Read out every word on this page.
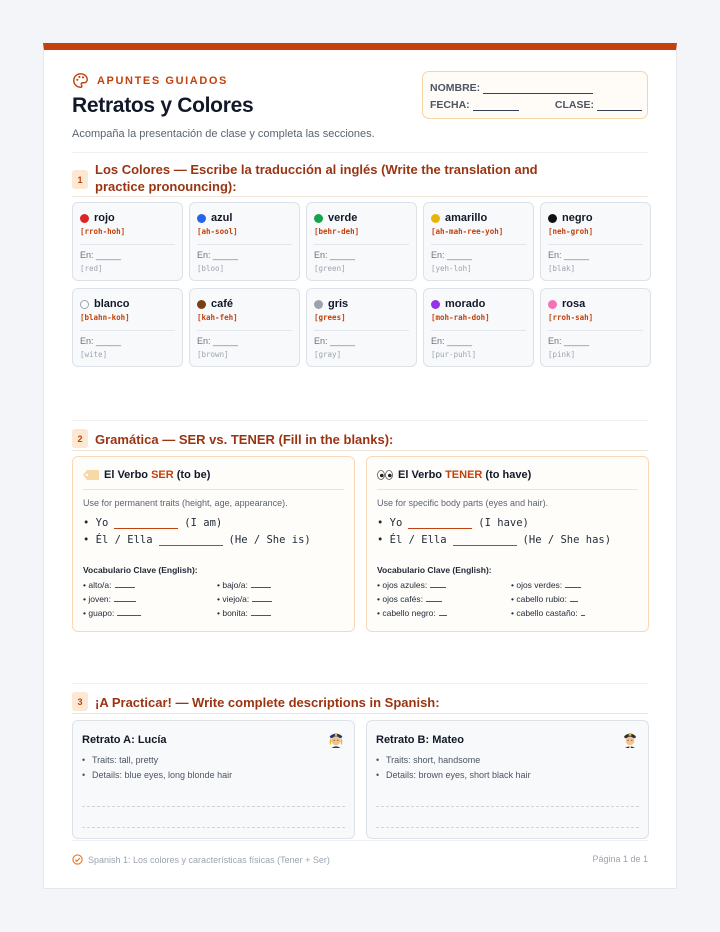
APUNTES GUIADOS
Retratos y Colores
Acompaña la presentación de clase y completa las secciones.
NOMBRE:
FECHA:	CLASE:
1
Los Colores — Escribe la traducción al inglés (Write the translation and practice pronouncing):
rojo
[rroh-hoh]
En: _____
[red]
azul
[ah-sool]
En: _____
[bloo]
verde
[behr-deh]
En: _____
[green]
amarillo
[ah-mah-ree-yoh]
En: _____
[yeh-loh]
negro
[neh-groh]
En: _____
[blak]
blanco
[blahn-koh]
En: _____
[wite]
café
[kah-feh]
En: _____
[brown]
gris
[grees]
En: _____
[gray]
morado
[moh-rah-doh]
En: _____
[pur-puhl]
rosa
[rroh-sah]
En: _____
[pink]
2 Gramática — SER vs. TENER (Fill in the blanks):
El Verbo SER (to be)
Use for permanent traits (height, age, appearance).
• Yo	(I am)
• Él / Ella	(He / She is)
Vocabulario Clave (English):
• alto/a:	• bajo/a:
• joven:	• viejo/a:
• guapo:	• bonita:
El Verbo TENER (to have)
Use for specific body parts (eyes and hair).
• Yo	(I have)
• Él / Ella	(He / She has)
Vocabulario Clave (English):
• ojos azules:	• ojos verdes:
• ojos cafés:	• cabello rubio:
• cabello negro:	• cabello castaño:
3 ¡A Practicar! — Write complete descriptions in Spanish:
Retrato A: Lucía
• Traits: tall, pretty
• Details: blue eyes, long blonde hair
Retrato B: Mateo
• Traits: short, handsome
• Details: brown eyes, short black hair
Spanish 1: Los colores y características físicas (Tener + Ser)	Página 1 de 1
